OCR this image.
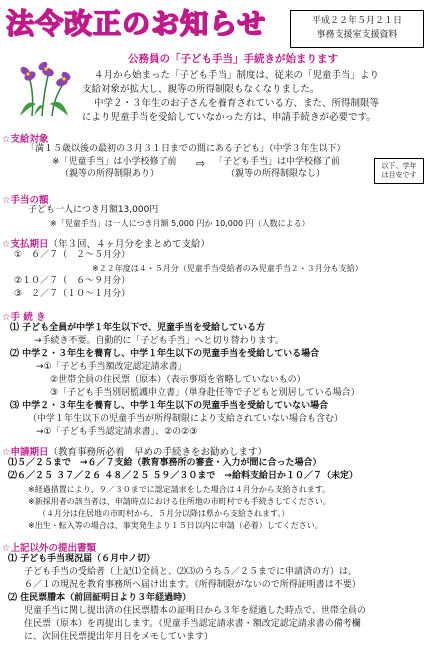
法令改正のお知らせ	平成２２年５月２１日
事務支援室支援資料
公務員の「子ども手当」手続きが始まります
４月から始まった「子ども手当」制度は、従来の「児童手当」より
支給対象が拡大し、親等の所得制限もなくなりました。
中学２・３年生のお子さんを養育されている方、また、所得制限等
により児童手当を受給していなかった方は、申請手続きが必要です。
☆支給対象
「満１５歳以後の最初の３月３１日までの間にある子ども」（中学３年生以下）
※「児童手当」は小学校修了前
（親等の所得制限あり）
⇨ 「子ども手当」は中学校修了前
（親等の所得制限なし）
以下、学年
は目安です
☆手当の額
子ども一人につき月額13,000円
※「児童手当」は一人につき月額 5,000 円か 10,000 円（人数による）
☆支払期日（年３回、４ヶ月分をまとめて支給）
①　６／７（　２～５月分）
※２２年度は４・５月分（児童手当受給者のみ児童手当２・３月分も支給）
②１０／７（　６～９月分）
③　２／７（１０～１月分）
☆手 続 き
⑴ 子ども全員が中学１年生以下で、児童手当を受給している方
→手続き不要。自動的に「子ども手当」へと切り替わります。
⑵ 中学２・３年生を養育し、中学１年生以下の児童手当を受給している場合
→①「子ども手当額改定認定請求書」
②世帯全員の住民票（原本）（表示事項を省略していないもの）
③「子ども手当別居監護申立書」（単身赴任等で子どもと別居している場合）
⑶ 中学２・３年生を養育し、中学１年生以下の児童手当を受給していない場合
（中学１年生以下の児童手当が所得制限により支給されていない場合も含む）
→①「子ども手当認定請求書」、②の②③
☆申請期日（教育事務所必着　早めの手続きをお勧めします）
⑴５／２５まで　→６／７支給（教育事務所の審査・入力が間に合った場合）
⑵６／２５ ３７／２６ ４８／２５ ５９／３０まで　→給料支給日か１０／７（未定）
※経過措置により、９／３０までに認定請求をした場合は４月分から支給されます。
※新採用者の該当者は、申請時点における住所地の市町村でも手続きしてください。
（４月分は住居地の市町村から、５月分以降は県から支給されます。）
※出生・転入等の場合は、事実発生より１５日以内に申請（必着）してください。
☆上記以外の提出書類
⑴ 子ども手当現況届（６月中ノ切）
子ども手当の受給者（上記⑴全員と、⑵⑶のうち５／２５までに申請済の方）は、
６／１の現況を教育事務所へ届け出ます。（所得制限がないので所得証明書は不要）
⑵ 住民票謄本（前回証明日より３年経過時）
児童手当に関し提出済の住民票謄本の証明日から３年を経過した時点で、世帯全員の
住民票（原本）を再提出します。（児童手当認定請求書・額改定認定請求書の備考欄
に、次回住民票提出年月日をメモしています）
